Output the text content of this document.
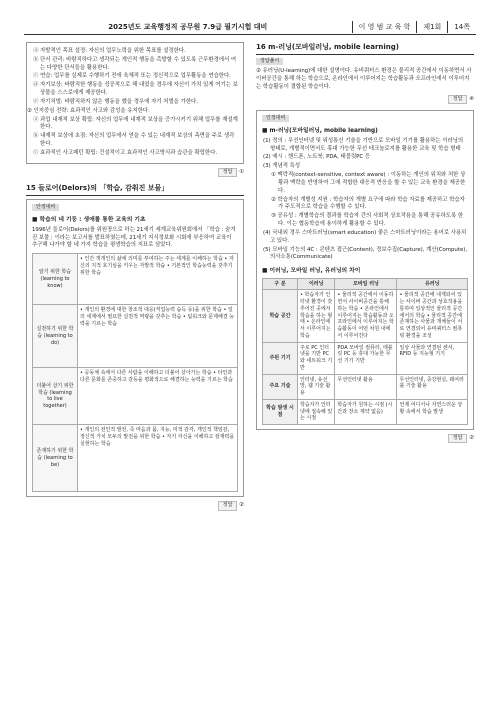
2025년도 교육행정직 공무원 7.9급 필기시험 대비	이 영 범 교 육 학	제1회	14쪽
ⓐ 자발적인 목표 설정: 자신의 업무노력을 위한 목표를 설정한다.
ⓑ 단서 관리: 바람직하다고 생각되는 개인적 행동을 촉발할 수 있도록 근무환경에서 여는 다양한 단서들을 활용한다.
ⓒ 연습: 업무를 실제로 수행하기 전에 육체적 또는 정신적으로 업무활동을 연습한다.
ⓓ 자기보상: 바람직한 행동을 성공적으로 해 내었을 경우에 자신이 가치 있게 여기는 보상물을 스스로에게 제공한다.
ⓔ 자기처벌: 바람직하지 않은 행동을 했을 경우에 자기 처벌을 가한다.
② 인지중심 전략: 효과적인 사고와 감성을 유지한다.
ⓐ 과업 내재적 보상 확립: 자신의 업무에 내재적 보상을 증가시키기 위해 업무를 재설계한다.
ⓑ 내재적 보상에 초점: 자신의 업무에서 얻을 수 있는 내재적 보상의 측면을 주로 생각한다.
ⓒ 효과적인 사고패턴 확립: 건설적이고 효과적인 사고방식과 습관을 확립한다.
정답 ①
15 들로어(Delors)의 「학습, 감춰진 보물」
안정대비
■ 학습의 네 기둥 : 생애를 통한 교육의 기초
1996년 들로어(Delors)를 위원장으로 하는 21세기 세계교육위원회에서 「학습 : 숨겨진 보물」이라는 보고서를 발표하였는데, 21세기 지식정보화 시회에 부응하여 교육이 추구해 나가야 할 네 가지 학습을 평생학습의 지표로 삼았다.
알기 위한 학습 (learning to know)	• 인간 개개인의 삶에 의미를 부여하는 주는 세계를 이해하는 학습 • 자신의 지적 호기심을 키우는 자발적 학습 • 기본적인 학습능력을 갖추기 위한 학습
실천하기 위한 학습 (learning to do)	• 개인의 환경에 대한 창조적 대응(직업능력 습득 등)을 위한 학습 • 일의 세계에서 필요한 실천적 역량을 갖추는 학습 • 팀워크와 문제해결 능력을 기르는 학습
더불어 살기 위한 학습 (learning to live together)	• 공동체 속에서 다른 사람을 이해하고 더불어 살아가는 학습 • 타인과 다른 문화를 존중하고 갈등을 평화적으로 해결하는 능력을 기르는 학습
존재하기 위한 학습 (learning to be)	• 개인의 전인적 발전, 즉 마음과 몸, 지능, 미적 감각, 개인적 책임감, 정신적 가치 모두의 발전을 위한 학습 • 자기 자신을 이해하고 잠재력을 실현하는 학습
정답 ②
16 m-러닝(모바일러닝, mobile learning)
정답풀이
② 유러닝(U-learning)에 대한 설명이다. 유비쿼터스 환경은 물리적 공간에서 이동하면서 사이버공간을 통해 하는 학습으로, 온라인에서 이루어지는 학습활동과 오프라인에서 이루어지는 학습활동이 결합된 학습이다.
정답 ④
인정대비
■ m-러닝(모바일러닝, mobile learning)
(1) 정의 : 무선인터넷 및 위성통신 기술을 기반으로 모바일 기기를 활용하는 이러닝의 형태로, 개별적이면서도 휴대 가능한 무선 테크놀로지를 활용한 교육 및 학습 형태
(2) 예시 : 핸드폰, 노트북, PDA, 태블릿PC 등
(3) 개념적 특성
① 맥락적(context-sensitive, context aware) : 이동하는 개인의 위치와 처한 상황과 맥락을 반영하여 그에 적합한 대응적 반응을 할 수 있는 교육 환경을 제공한다.
② 학습자의 개별성 지원 : 학습자의 개별 요구에 따라 학습 자료를 제공하고 학습자가 주도적으로 학습을 수행할 수 있다.
③ 공유성 : 개별학습의 결과를 학습자 간의 사회적 상호작용을 통해 공유하도록 한다. 이는 협동학습에 용이하게 활용할 수 있다.
(4) 국내외 경우 스마트러닝(smart education) 좋은 스마트러닝이라는 용어로 사용되고 있다.
(5) 모바일 기능의 4C : 콘텐츠 접근(Content), 정보수집(Capture), 계산(Compute), 의사소통(Communicate)
■ 이러닝, 모바일 러닝, 유러닝의 차이
구 분	이러닝	모바일 러닝	유러닝
학습 공간	• 학습자가 인터넷 환경이 갖추어진 곳에서 학습을 하는 형태 • 온라인에서 이루어지는 학습	• 물리적 공간에서 이동하면서 사이버공간을 통해 하는 학습 • 온라인에서 이루어지는 학습활동과 오프라인에서 이루어지는 학습활동이 어떤 차원 내에서 이루어진다	• 물리적 공간에 내재되어 있는 사이버 공간과 상호작용을 통하여 일상적인 물리적 공간에서의 학습 • 물리적 공간에 존재하는 사물과 개체들이 서로 연결되어 유비쿼터스 컴퓨팅 환경을 조성
주된 기기	주로 PC 인터넷을 기반 PC와 네트워크 기반	PDA 모바일 컴퓨터, 태블릿 PC 등 휴대 가능한 무선 기기 기반	일상 사물과 연결된 센서, RFID 등 지능형 기기
주요 기술	인터넷, 유선망, 웹 기술 활용	무선인터넷 활용	무선인터넷, 증강현실, 웨어러블 기술 활용
학습 발생 시점	학습자가 인터넷에 접속해 있는 시점	학습자가 원하는 시점 (시간과 장소 제약 없음)	언제 어디서나 자연스러운 상황 속에서 학습 발생
정답 ②
